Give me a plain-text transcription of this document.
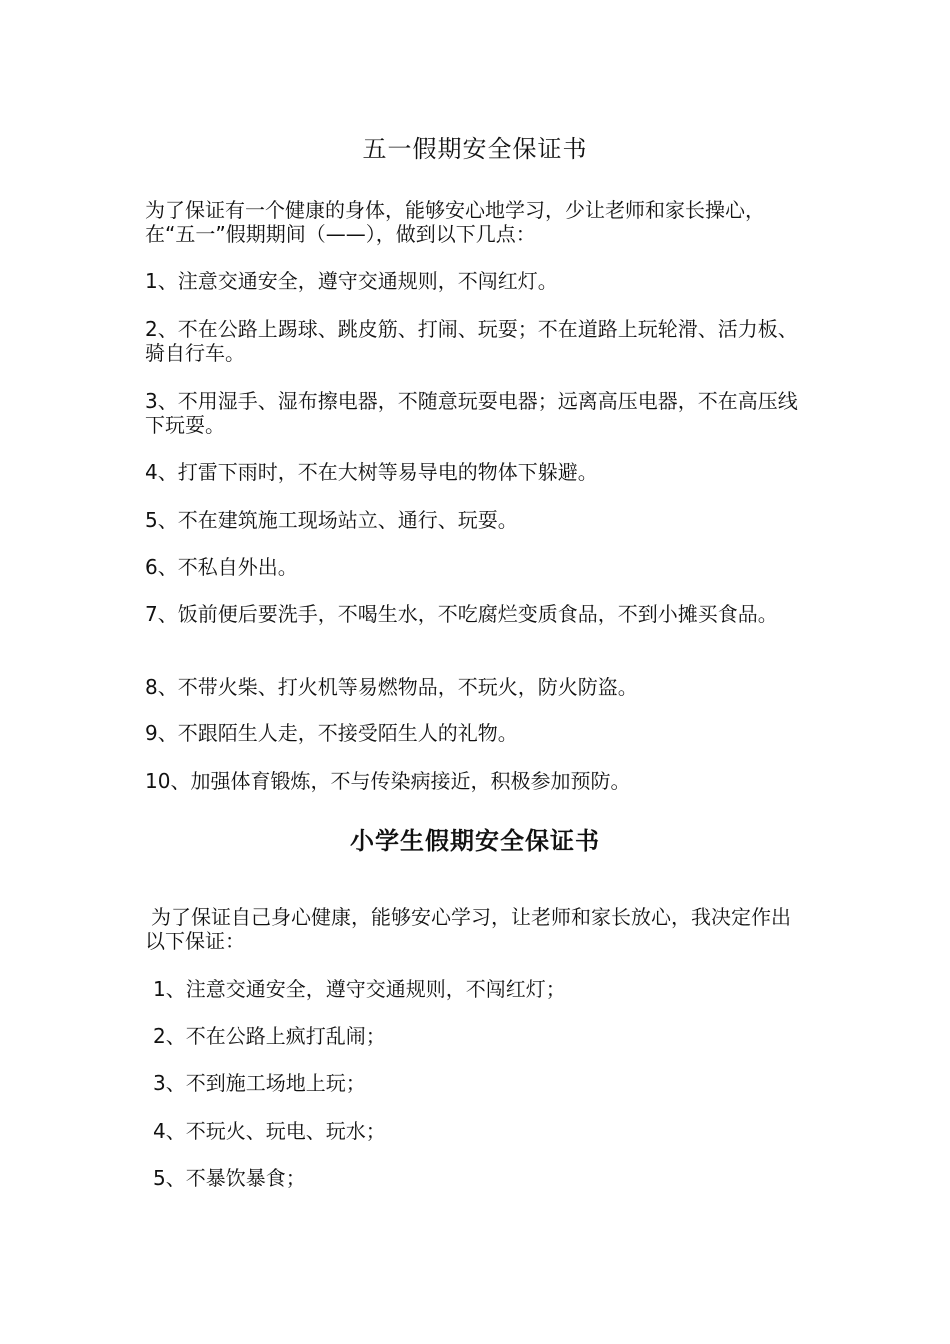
五一假期安全保证书

为了保证有一个健康的身体，能够安心地学习，少让老师和家长操心，在“五一”假期期间（——），做到以下几点：

1、注意交通安全，遵守交通规则，不闯红灯。

2、不在公路上踢球、跳皮筋、打闹、玩耍；不在道路上玩轮滑、活力板、骑自行车。

3、不用湿手、湿布擦电器，不随意玩耍电器；远离高压电器，不在高压线下玩耍。

4、打雷下雨时，不在大树等易导电的物体下躲避。

5、不在建筑施工现场站立、通行、玩耍。

6、不私自外出。

7、饭前便后要洗手，不喝生水，不吃腐烂变质食品，不到小摊买食品。

8、不带火柴、打火机等易燃物品，不玩火，防火防盗。

9、不跟陌生人走，不接受陌生人的礼物。

10、加强体育锻炼，不与传染病接近，积极参加预防。

小学生假期安全保证书

为了保证自己身心健康，能够安心学习，让老师和家长放心，我决定作出以下保证：

1、注意交通安全，遵守交通规则，不闯红灯；

2、不在公路上疯打乱闹；

3、不到施工场地上玩；

4、不玩火、玩电、玩水；

5、不暴饮暴食；
